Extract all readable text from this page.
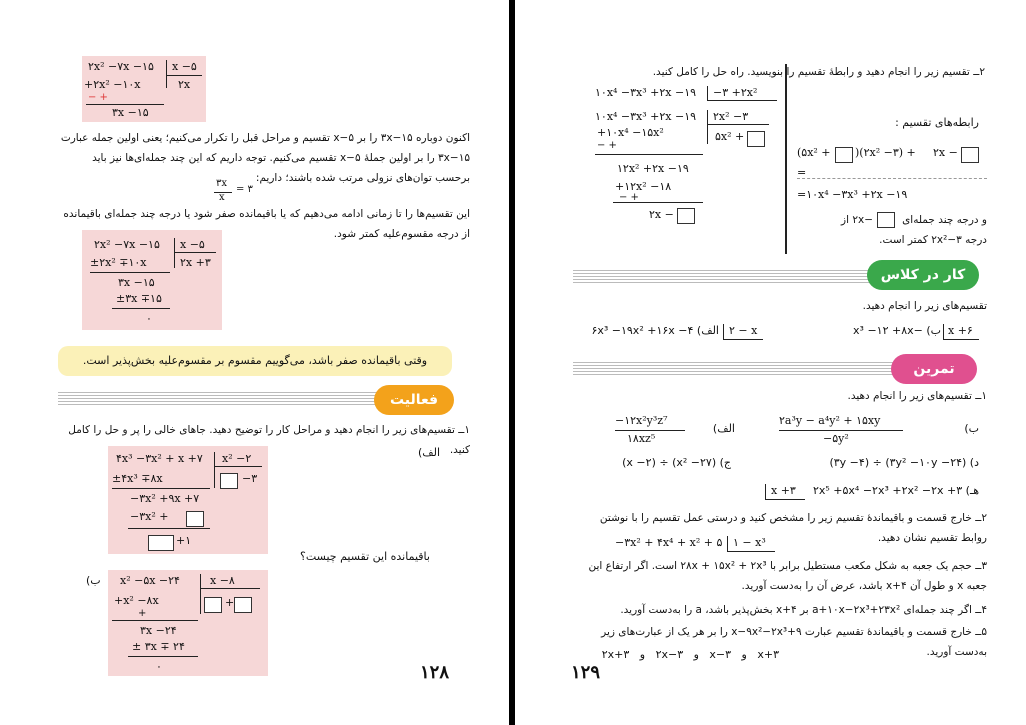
۲x² −۷x −۱۵ x −۵
۲x
+۲x² −۱۰x
− +
۳x −۱۵
اکنون دوباره ۱۵−۳x را بر ۵−x تقسیم و مراحل قبل را تکرار می‌کنیم؛ یعنی اولین جمله عبارت ۱۵−۳x را بر اولین جملهٔ ۵−x تقسیم می‌کنیم. توجه داریم که این چند جمله‌ای‌ها نیز باید برحسب توان‌های نزولی مرتب شده باشند؛ داریم:
۳x
x
= ۳
این تقسیم‌ها را تا زمانی ادامه می‌دهیم که یا باقیمانده صفر شود یا درجه چند جمله‌ای باقیمانده از درجه مقسوم‌علیه کمتر شود.
۲x² −۷x −۱۵ x −۵
۲x +۳
±۲x² ∓۱۰x
۳x −۱۵
±۳x ∓۱۵
۰
وقتی باقیمانده صفر باشد، می‌گوییم مقسوم بر مقسوم‌علیه بخش‌پذیر است.
فعالیت
۱ــ تقسیم‌های زیر را انجام دهید و مراحل کار را توضیح دهید. جاهای خالی را پر و حل را کامل کنید.
الف)
۴x³ −۳x² + x +۷ x² −۲
−۳
±۴x³ ∓۸x
−۳x² +۹x +۷
−۳x² +
+۱
باقیمانده این تقسیم چیست؟
ب) x² −۵x −۲۴	x −۸
+
+x² −۸x
+
۳x −۲۴
± ۳x ∓ ۲۴
۰	۱۲۸
۲ــ تقسیم زیر را انجام دهید و رابطهٔ تقسیم را بنویسید. راه حل را کامل کنید.
۱۰x⁴ −۳x³ +۲x −۱۹ −۳ +۲x²
۱۰x⁴ −۳x³ +۲x −۱۹ ۲x² −۳
+۱۰x⁴ −۱۵x²	۵x² +
− +
۱۲x² +۲x −۱۹
+۱۲x² −۱۸
− +
۲x −
رابطه‌های تقسیم :
(۵x² + )(۲x² −۳) + ۲x −
=
=۱۰x⁴ −۳x³ +۲x −۱۹
و درجه چند جمله‌ای
−۲x از
درجه ۳−۲x² کمتر است.
کار در کلاس
تقسیم‌های زیر را انجام دهید.
الف) ۶x³ −۱۹x² +۱۶x −۴ ۲ − x	ب) −x³ −۱۲ +۸x x +۶
تمرین
۱ــ تقسیم‌های زیر را انجام دهید.
الف)
−۱۲x²y³z⁷
۱۸xz⁵
ب)
۲a³y − a⁴y² + ۱۵xy
−۵y²
ج) (x² −۲۷) ÷ (x −۲)	د) (۳y² −۱۰y −۲۴) ÷ (۳y −۴)
هـ) ۲x⁵ +۵x⁴ −۲x³ +۲x² −۲x +۳
x +۳
۲ــ خارج قسمت و باقیماندهٔ تقسیم زیر را مشخص کنید و درستی عمل تقسیم را با نوشتن روابط تقسیم نشان دهید.
−۳x² + ۴x⁴ + x² + ۵ ۱ − x³
۳ــ حجم یک جعبه به شکل مکعب مستطیل برابر با ۲۸x + ۱۵x² + ۲x³ است. اگر ارتفاع این جعبه x و طول آن ۴+x باشد، عرض آن را به‌دست آورید.
۴ــ اگر چند جمله‌ای a+۱۰x−۲x³+۲۳x² بر ۴+x بخش‌پذیر باشد، a را به‌دست آورید.
۵ــ خارج قسمت و باقیماندهٔ تقسیم عبارت ۹+x−۹x²−۲x³ را بر هر یک از عبارت‌های زیر به‌دست آورید.
x+۳   و   x−۳   و   ۲x−۳   و   ۲x+۳
۱۲۹
